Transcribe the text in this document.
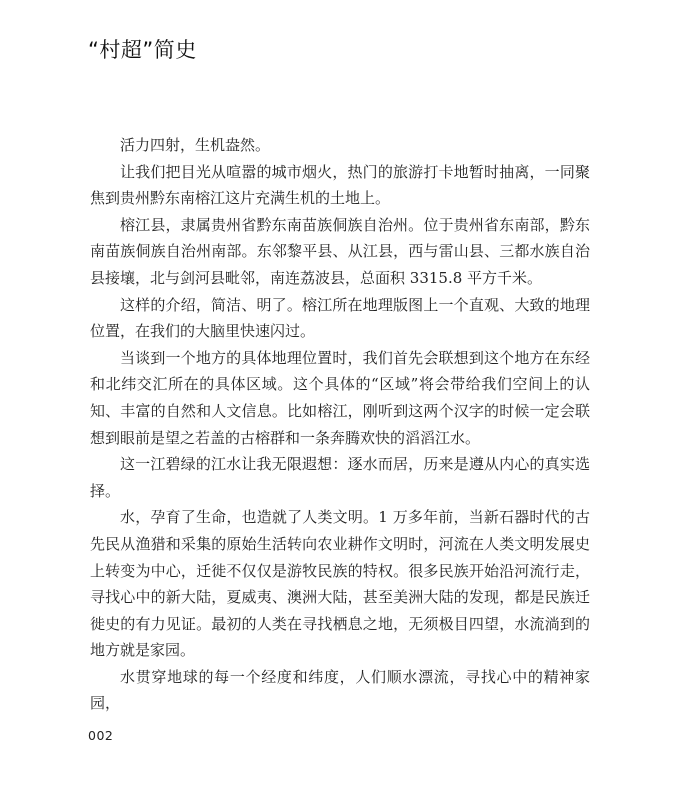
“村超”简史

活力四射，生机盎然。

让我们把目光从喧嚣的城市烟火，热门的旅游打卡地暂时抽离，一同聚焦到贵州黔东南榕江这片充满生机的土地上。

榕江县，隶属贵州省黔东南苗族侗族自治州。位于贵州省东南部，黔东南苗族侗族自治州南部。东邻黎平县、从江县，西与雷山县、三都水族自治县接壤，北与剑河县毗邻，南连荔波县，总面积 3315.8 平方千米。

这样的介绍，简洁、明了。榕江所在地理版图上一个直观、大致的地理位置，在我们的大脑里快速闪过。

当谈到一个地方的具体地理位置时，我们首先会联想到这个地方在东经和北纬交汇所在的具体区域。这个具体的“区域”将会带给我们空间上的认知、丰富的自然和人文信息。比如榕江，刚听到这两个汉字的时候一定会联想到眼前是望之若盖的古榕群和一条奔腾欢快的滔滔江水。

这一江碧绿的江水让我无限遐想：逐水而居，历来是遵从内心的真实选择。

水，孕育了生命，也造就了人类文明。1 万多年前，当新石器时代的古先民从渔猎和采集的原始生活转向农业耕作文明时，河流在人类文明发展史上转变为中心，迁徙不仅仅是游牧民族的特权。很多民族开始沿河流行走，寻找心中的新大陆，夏威夷、澳洲大陆，甚至美洲大陆的发现，都是民族迁徙史的有力见证。最初的人类在寻找栖息之地，无须极目四望，水流淌到的地方就是家园。

水贯穿地球的每一个经度和纬度，人们顺水漂流，寻找心中的精神家园，

002
